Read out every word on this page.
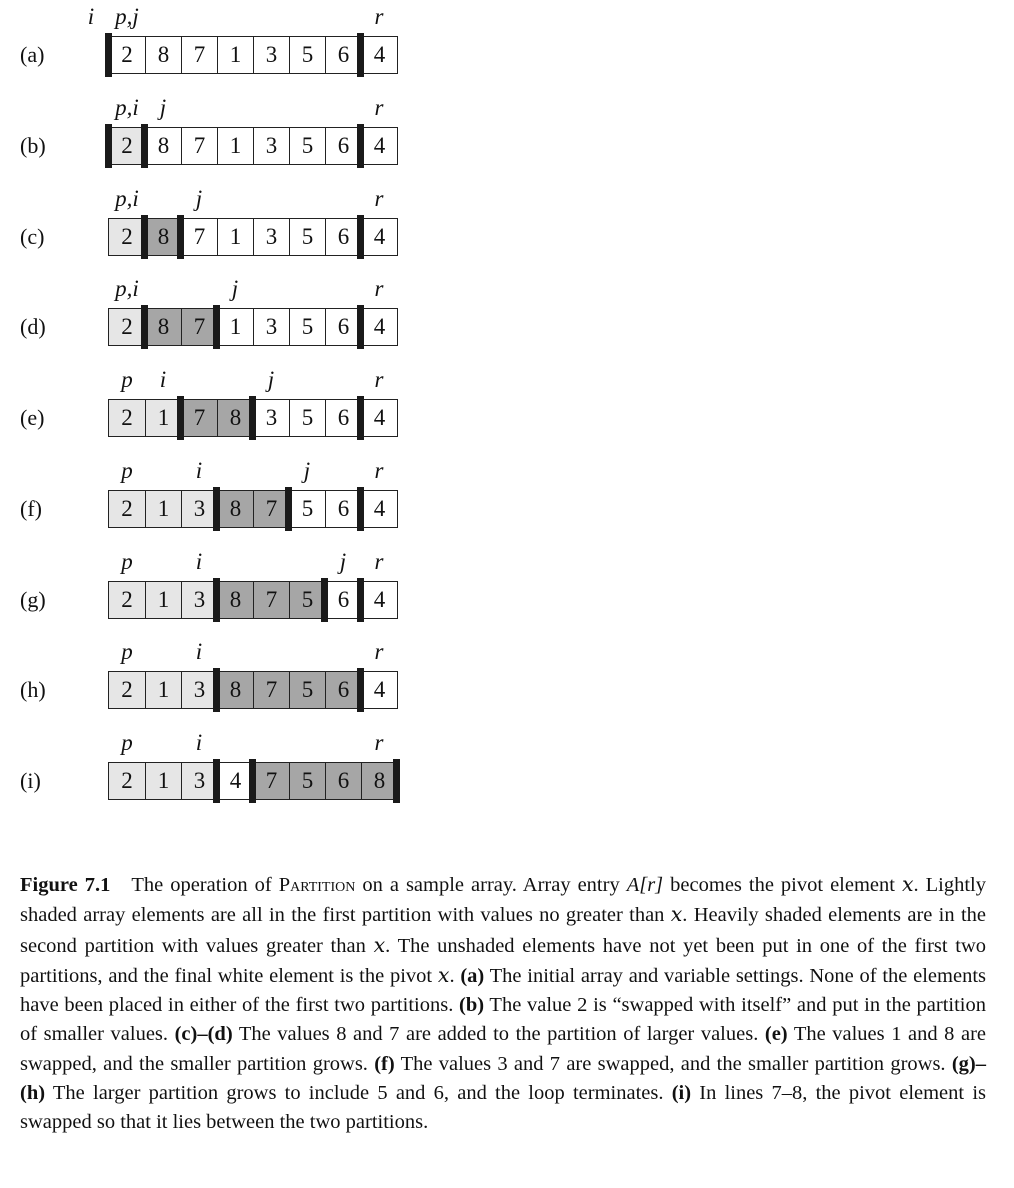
(a)	2	8	7	1	3	5	6	4
i p,j	r
(b)	2	8	7	1	3	5	6	4
p,i j	r
(c)	2	8	7	1	3	5	6	4
p,i	j	r
(d)	2	8	7	1	3	5	6	4
p,i	j	r
(e)	2	1	7	8	3	5	6	4
p	i	j	r
(f)	2	1	3	8	7	5	6	4
p	i	j	r
(g)	2	1	3	8	7	5	6	4
p	i	j	r
(h)	2	1	3	8	7	5	6	4
p	i	r
(i)	2	1	3	4	7	5	6	8
p	i	r
Figure 7.1 The operation of Partition on a sample array. Array entry A[r] becomes the pivot element x. Lightly shaded array elements are all in the first partition with values no greater than x. Heavily shaded elements are in the second partition with values greater than x. The unshaded elements have not yet been put in one of the first two partitions, and the final white element is the pivot x. (a) The initial array and variable settings. None of the elements have been placed in either of the first two partitions. (b) The value 2 is “swapped with itself” and put in the partition of smaller values. (c)–(d) The values 8 and 7 are added to the partition of larger values. (e) The values 1 and 8 are swapped, and the smaller partition grows. (f) The values 3 and 7 are swapped, and the smaller partition grows. (g)–(h) The larger partition grows to include 5 and 6, and the loop terminates. (i) In lines 7–8, the pivot element is swapped so that it lies between the two partitions.
